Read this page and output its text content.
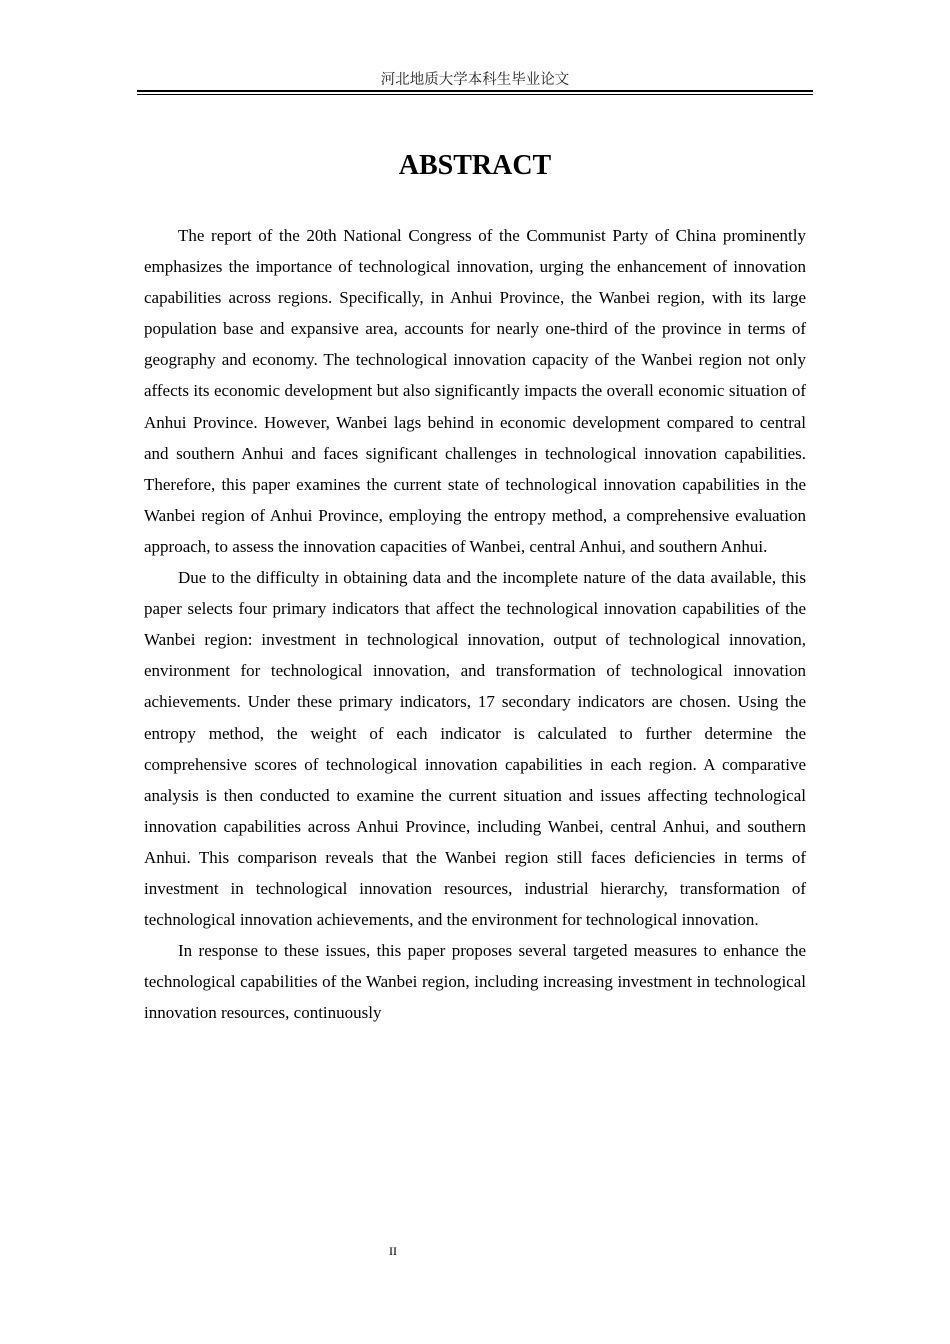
河北地质大学本科生毕业论文
ABSTRACT

The report of the 20th National Congress of the Communist Party of China prominently emphasizes the importance of technological innovation, urging the enhancement of innovation capabilities across regions. Specifically, in Anhui Province, the Wanbei region, with its large population base and expansive area, accounts for nearly one-third of the province in terms of geography and economy. The technological innovation capacity of the Wanbei region not only affects its economic development but also significantly impacts the overall economic situation of Anhui Province. However, Wanbei lags behind in economic development compared to central and southern Anhui and faces significant challenges in technological innovation capabilities. Therefore, this paper examines the current state of technological innovation capabilities in the Wanbei region of Anhui Province, employing the entropy method, a comprehensive evaluation approach, to assess the innovation capacities of Wanbei, central Anhui, and southern Anhui.

Due to the difficulty in obtaining data and the incomplete nature of the data available, this paper selects four primary indicators that affect the technological innovation capabilities of the Wanbei region: investment in technological innovation, output of technological innovation, environment for technological innovation, and transformation of technological innovation achievements. Under these primary indicators, 17 secondary indicators are chosen. Using the entropy method, the weight of each indicator is calculated to further determine the comprehensive scores of technological innovation capabilities in each region. A comparative analysis is then conducted to examine the current situation and issues affecting technological innovation capabilities across Anhui Province, including Wanbei, central Anhui, and southern Anhui. This comparison reveals that the Wanbei region still faces deficiencies in terms of investment in technological innovation resources, industrial hierarchy, transformation of technological innovation achievements, and the environment for technological innovation.

In response to these issues, this paper proposes several targeted measures to enhance the technological capabilities of the Wanbei region, including increasing investment in technological innovation resources, continuously

II
